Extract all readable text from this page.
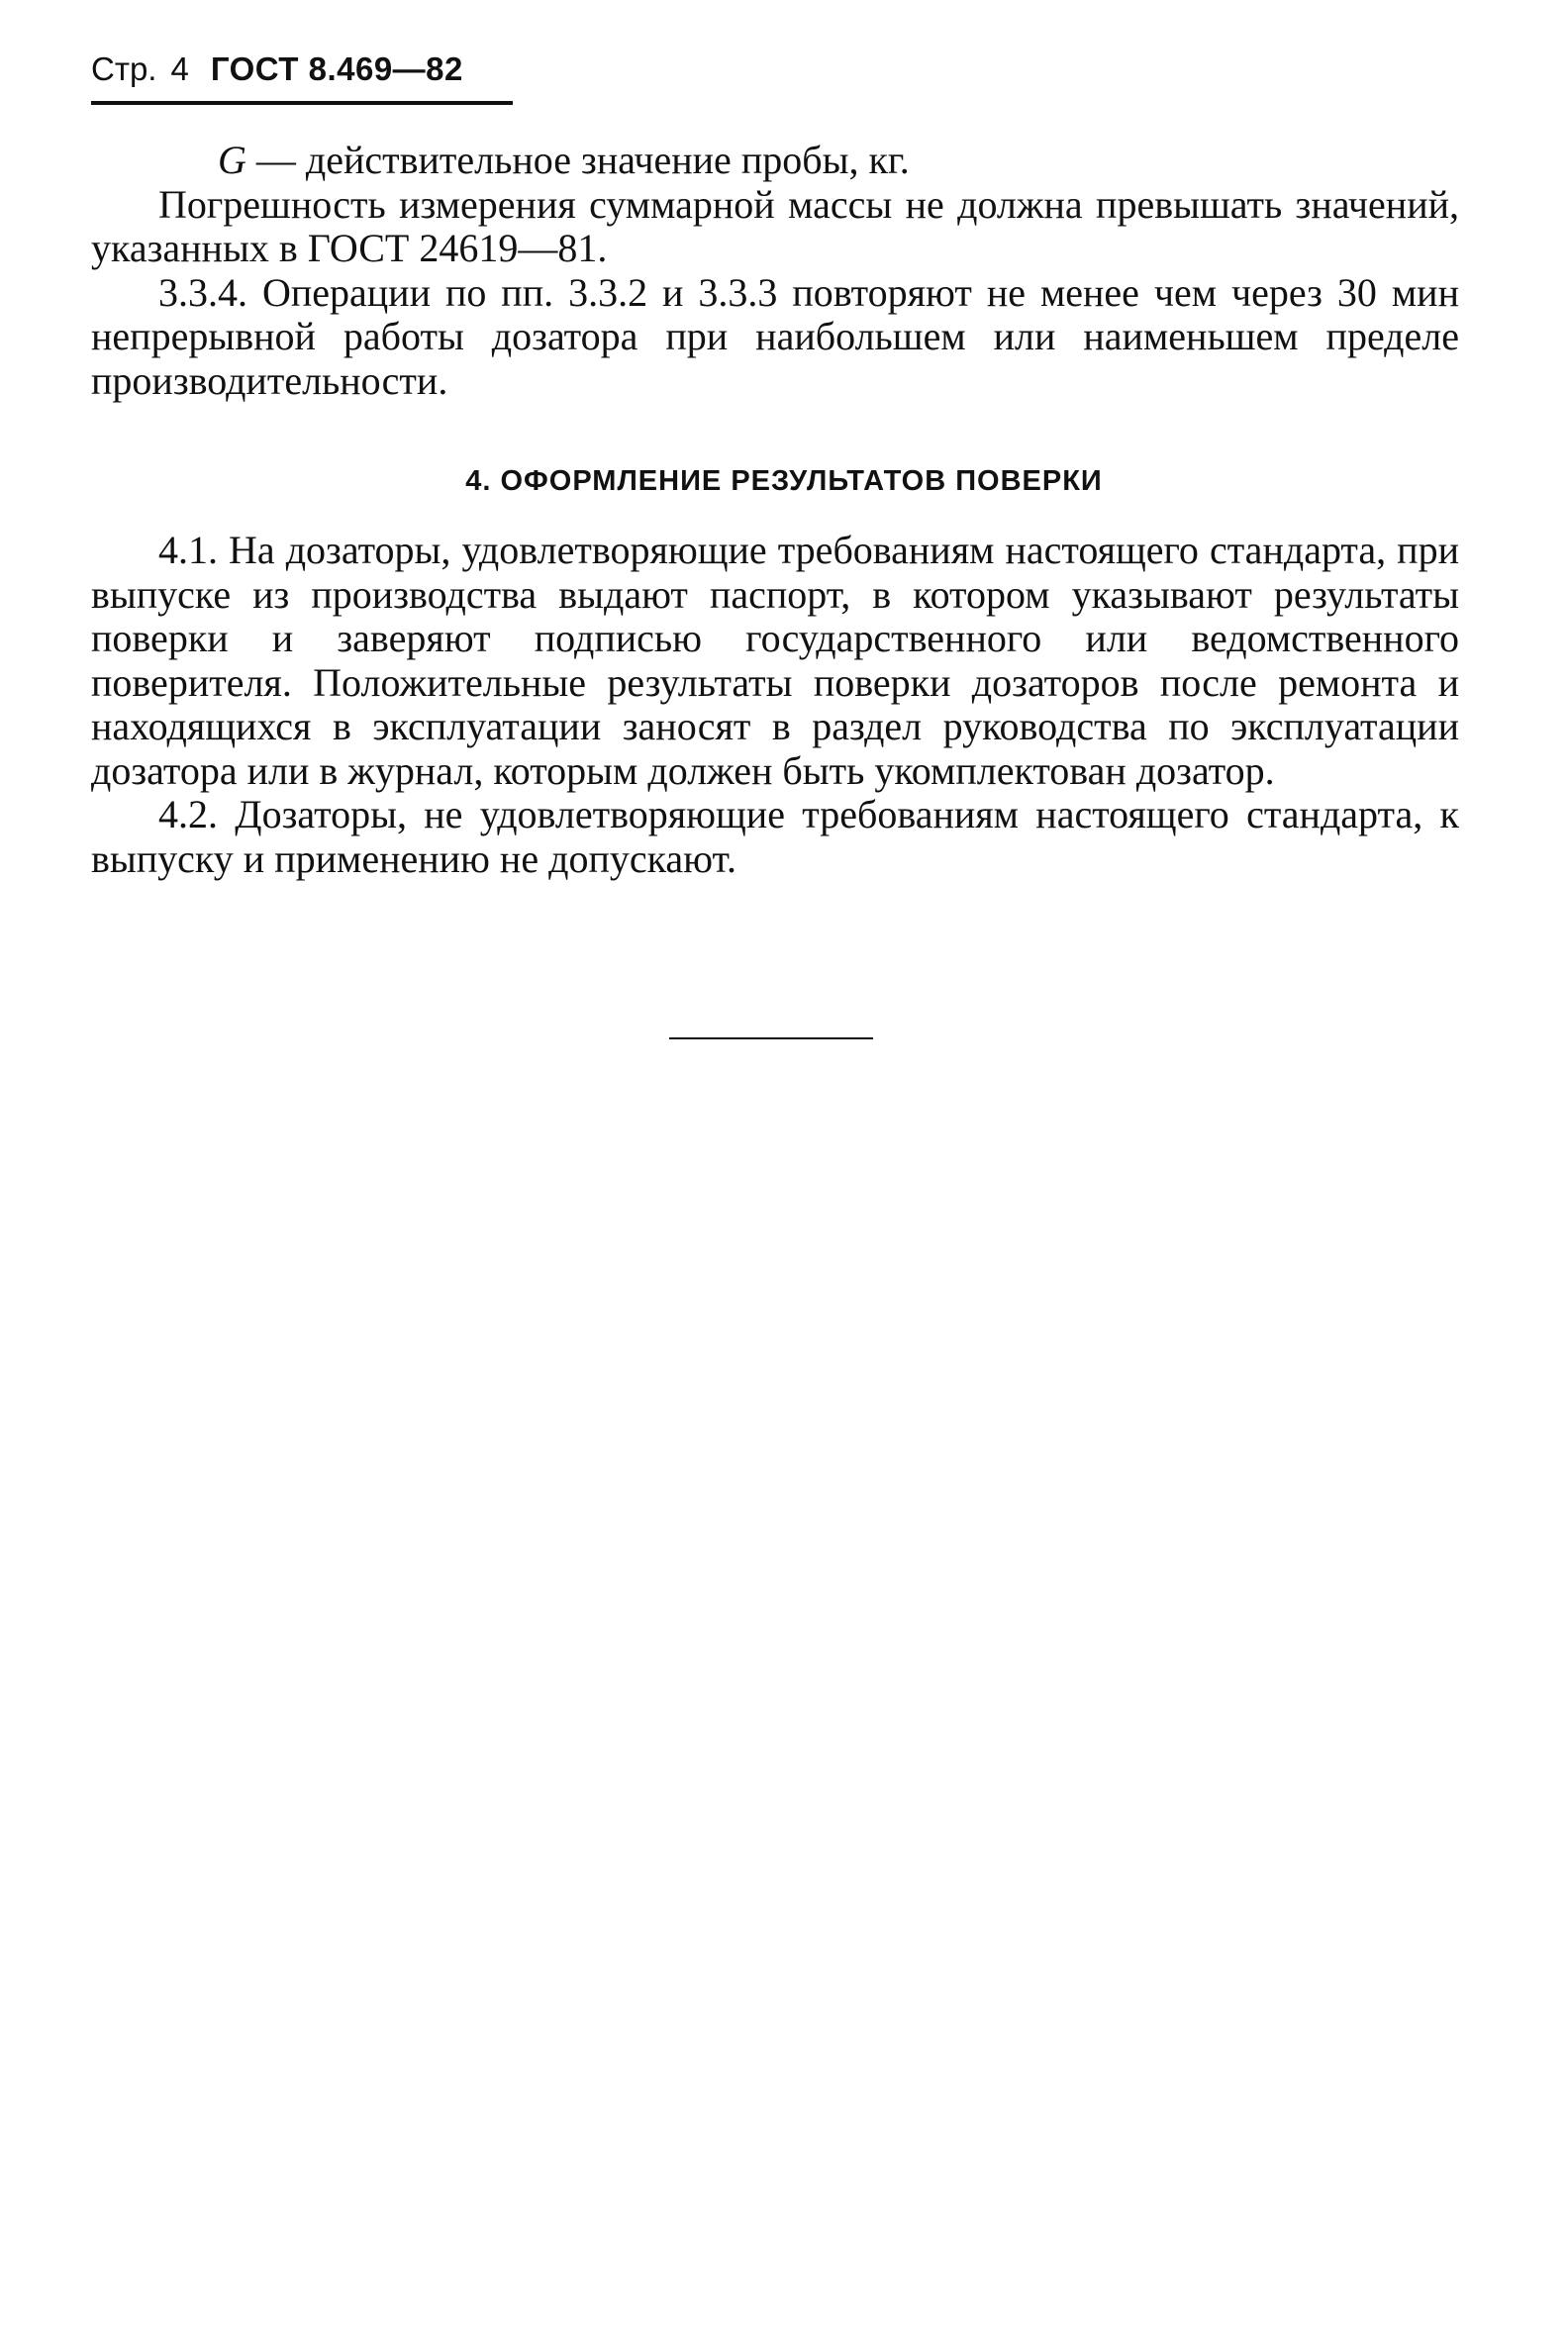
Стр. 4 ГОСТ 8.469—82

G — действительное значение пробы, кг.

Погрешность измерения суммарной массы не должна превышать значений, указанных в ГОСТ 24619—81.

3.3.4. Операции по пп. 3.3.2 и 3.3.3 повторяют не менее чем через 30 мин непрерывной работы дозатора при наибольшем или наименьшем пределе производительности.

4. ОФОРМЛЕНИЕ РЕЗУЛЬТАТОВ ПОВЕРКИ

4.1. На дозаторы, удовлетворяющие требованиям настоящего стандарта, при выпуске из производства выдают паспорт, в котором указывают результаты поверки и заверяют подписью государственного или ведомственного поверителя. Положительные результаты поверки дозаторов после ремонта и находящихся в эксплуатации заносят в раздел руководства по эксплуатации дозатора или в журнал, которым должен быть укомплектован дозатор.

4.2. Дозаторы, не удовлетворяющие требованиям настоящего стандарта, к выпуску и применению не допускают.
